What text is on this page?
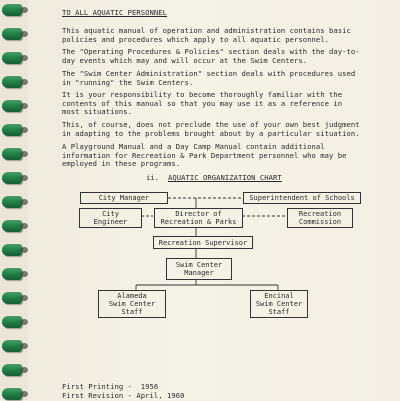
TO ALL AQUATIC PERSONNEL
This aquatic manual of operation and administration contains basic
policies and procedures which apply to all aquatic personnel.
The "Operating Procedures & Policies" section deals with the day-to-
day events which may and will occur at the Swim Centers.
The "Swim Center Administration" section deals with procedures used
in "running" the Swim Centers.
It is your responsibility to become thoroughly familiar with the
contents of this manual so that you may use it as a reference in
most situations.
This, of course, does not preclude the use of your own best judgment
in adapting to the problems brought about by a particular situation.
A Playground Manual and a Day Camp Manual contain additional
information for Recreation & Park Department personnel who may be
employed in these programs.
ii. AQUATIC ORGANIZATION CHART
City Manager	Superintendent of Schools
City
Engineer
Director of
Recreation & Parks
Recreation
Commission
Recreation Supervisor
Swim Center
Manager
Alameda
Swim Center
Staff
Encinal
Swim Center
Staff
First Printing -  1956
First Revision - April, 1960
